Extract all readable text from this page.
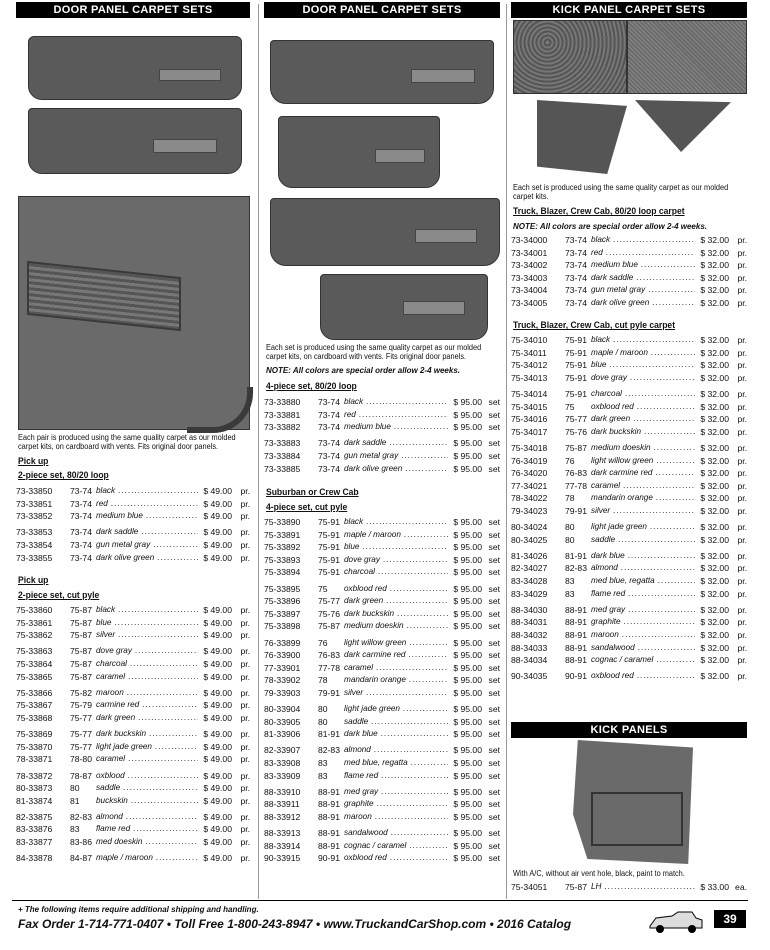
DOOR PANEL CARPET SETS
Each pair is produced using the same quality carpet as our molded carpet kits, on cardboard with vents. Fits original door panels.
Pick up
2-piece set, 80/20 loop
73-33850	73-74 black .....	$ 49.00 pr.
73-33851	73-74 red .....	$ 49.00 pr.
73-33852	73-74 medium blue .....	$ 49.00 pr.
73-33853	73-74 dark saddle .....	$ 49.00 pr.
73-33854	73-74 gun metal gray .....	$ 49.00 pr.
73-33855	73-74 dark olive green .....	$ 49.00 pr.
Pick up
2-piece set, cut pyle
75-33860	75-87 black .....	$ 49.00 pr.
75-33861	75-87 blue .....	$ 49.00 pr.
75-33862	75-87 silver .....	$ 49.00 pr.
75-33863	75-87 dove gray .....	$ 49.00 pr.
75-33864	75-87 charcoal .....	$ 49.00 pr.
75-33865	75-87 caramel .....	$ 49.00 pr.
75-33866	75-82 maroon .....	$ 49.00 pr.
75-33867	75-79 carmine red .....	$ 49.00 pr.
75-33868	75-77 dark green .....	$ 49.00 pr.
75-33869	75-77 dark buckskin .....	$ 49.00 pr.
75-33870	75-77 light jade green .....	$ 49.00 pr.
78-33871	78-80 caramel .....	$ 49.00 pr.
78-33872	78-87 oxblood .....	$ 49.00 pr.
80-33873	80	saddle .....	$ 49.00 pr.
81-33874	81	buckskin .....	$ 49.00 pr.
82-33875	82-83 almond .....	$ 49.00 pr.
83-33876	83	flame red .....	$ 49.00 pr.
83-33877	83-86 med doeskin .....	$ 49.00 pr.
84-33878	84-87 maple / maroon .....	$ 49.00 pr.
DOOR PANEL CARPET SETS
Each set is produced using the same quality carpet as our molded carpet kits, on cardboard with vents. Fits original door panels.
NOTE: All colors are special order allow 2-4 weeks.
4-piece set, 80/20 loop
73-33880	73-74 black .....	$ 95.00 set
73-33881	73-74 red .....	$ 95.00 set
73-33882	73-74 medium blue .....	$ 95.00 set
73-33883	73-74 dark saddle .....	$ 95.00 set
73-33884	73-74 gun metal gray .....	$ 95.00 set
73-33885	73-74 dark olive green .....	$ 95.00 set
Suburban or Crew Cab
4-piece set, cut pyle
75-33890	75-91 black .....	$ 95.00 set
75-33891	75-91 maple / maroon .....	$ 95.00 set
75-33892	75-91 blue .....	$ 95.00 set
75-33893	75-91 dove gray .....	$ 95.00 set
75-33894	75-91 charcoal .....	$ 95.00 set
75-33895	75	oxblood red .....	$ 95.00 set
75-33896	75-77 dark green .....	$ 95.00 set
75-33897	75-76 dark buckskin .....	$ 95.00 set
75-33898	75-87 medium doeskin .....	$ 95.00 set
76-33899	76	light willow green .....	$ 95.00 set
76-33900	76-83 dark carmine red .....	$ 95.00 set
77-33901	77-78 caramel .....	$ 95.00 set
78-33902	78	mandarin orange .....	$ 95.00 set
79-33903	79-91 silver .....	$ 95.00 set
80-33904	80	light jade green .....	$ 95.00 set
80-33905	80	saddle .....	$ 95.00 set
81-33906	81-91 dark blue .....	$ 95.00 set
82-33907	82-83 almond .....	$ 95.00 set
83-33908	83	med blue, regatta .....	$ 95.00 set
83-33909	83	flame red .....	$ 95.00 set
88-33910	88-91 med gray .....	$ 95.00 set
88-33911	88-91 graphite .....	$ 95.00 set
88-33912	88-91 maroon .....	$ 95.00 set
88-33913	88-91 sandalwood .....	$ 95.00 set
88-33914	88-91 cognac / caramel .....	$ 95.00 set
90-33915	90-91 oxblood red .....	$ 95.00 set
KICK PANEL CARPET SETS
Each set is produced using the same quality carpet as our molded carpet kits.
Truck, Blazer, Crew Cab, 80/20 loop carpet
NOTE: All colors are special order allow 2-4 weeks.
73-34000	73-74 black .....	$ 32.00 pr.
73-34001	73-74 red .....	$ 32.00 pr.
73-34002	73-74 medium blue .....	$ 32.00 pr.
73-34003	73-74 dark saddle .....	$ 32.00 pr.
73-34004	73-74 gun metal gray .....	$ 32.00 pr.
73-34005	73-74 dark olive green .....	$ 32.00 pr.
Truck, Blazer, Crew Cab, cut pyle carpet
75-34010	75-91 black .....	$ 32.00 pr.
75-34011	75-91 maple / maroon .....	$ 32.00 pr.
75-34012	75-91 blue .....	$ 32.00 pr.
75-34013	75-91 dove gray .....	$ 32.00 pr.
75-34014	75-91 charcoal .....	$ 32.00 pr.
75-34015	75	oxblood red .....	$ 32.00 pr.
75-34016	75-77 dark green .....	$ 32.00 pr.
75-34017	75-76 dark buckskin .....	$ 32.00 pr.
75-34018	75-87 medium doeskin .....	$ 32.00 pr.
76-34019	76	light willow green .....	$ 32.00 pr.
76-34020	76-83 dark carmine red .....	$ 32.00 pr.
77-34021	77-78 caramel .....	$ 32.00 pr.
78-34022	78	mandarin orange .....	$ 32.00 pr.
79-34023	79-91 silver .....	$ 32.00 pr.
80-34024	80	light jade green .....	$ 32.00 pr.
80-34025	80	saddle .....	$ 32.00 pr.
81-34026	81-91 dark blue .....	$ 32.00 pr.
82-34027	82-83 almond .....	$ 32.00 pr.
83-34028	83	med blue, regatta .....	$ 32.00 pr.
83-34029	83	flame red .....	$ 32.00 pr.
88-34030	88-91 med gray .....	$ 32.00 pr.
88-34031	88-91 graphite .....	$ 32.00 pr.
88-34032	88-91 maroon .....	$ 32.00 pr.
88-34033	88-91 sandalwood .....	$ 32.00 pr.
88-34034	88-91 cognac / caramel .....	$ 32.00 pr.
90-34035	90-91 oxblood red .....	$ 32.00 pr.
KICK PANELS
With A/C, without air vent hole, black, paint to match.
75-34051	75-87 LH .....	$ 33.00 ea.
+ The following items require additional shipping and handling.
Fax Order 1-714-771-0407 • Toll Free 1-800-243-8947 • www.TruckandCarShop.com • 2016 Catalog	39
